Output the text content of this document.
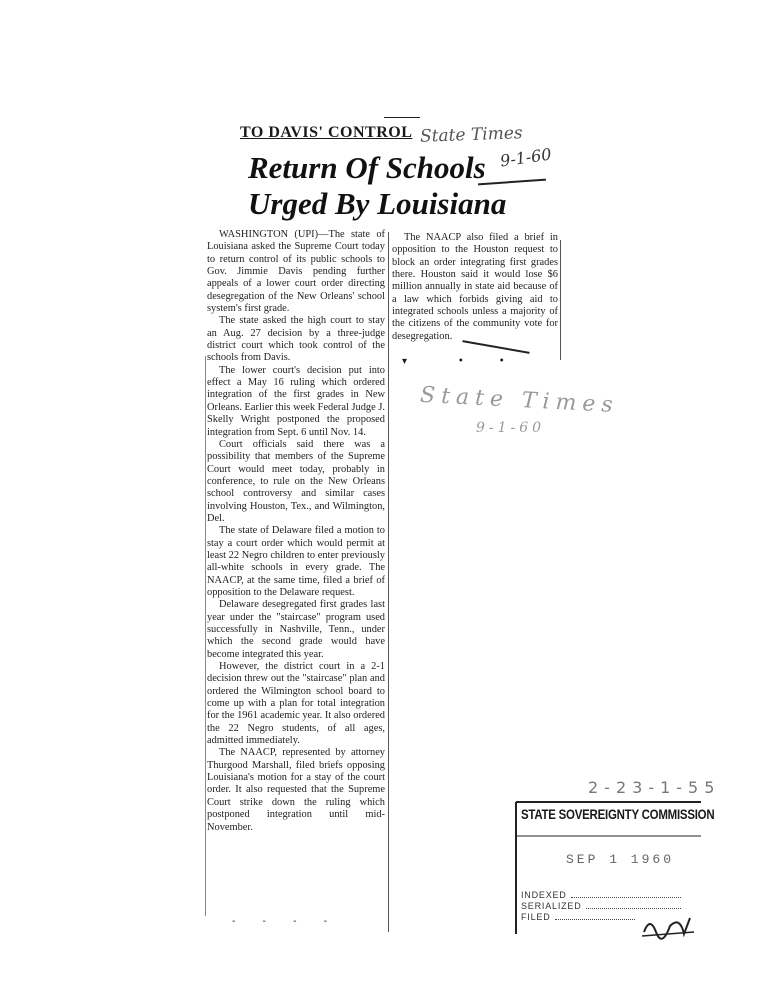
TO DAVIS' CONTROL State Times
9-1-60
Return Of Schools
Urged By Louisiana

WASHINGTON (UPI)—The state of Louisiana asked the Supreme Court today to return control of its public schools to Gov. Jimmie Davis pending further appeals of a lower court order directing desegregation of the New Orleans' school system's first grade.

The state asked the high court to stay an Aug. 27 decision by a three-judge district court which took control of the schools from Davis.

The lower court's decision put into effect a May 16 ruling which ordered integration of the first grades in New Orleans. Earlier this week Federal Judge J. Skelly Wright postponed the proposed integration from Sept. 6 until Nov. 14.

Court officials said there was a possibility that members of the Supreme Court would meet today, probably in conference, to rule on the New Orleans school controversy and similar cases involving Houston, Tex., and Wilmington, Del.

The state of Delaware filed a motion to stay a court order which would permit at least 22 Negro children to enter previously all-white schools in every grade. The NAACP, at the same time, filed a brief of opposition to the Delaware request.

Delaware desegregated first grades last year under the "staircase" program used successfully in Nashville, Tenn., under which the second grade would have become integrated this year.

However, the district court in a 2-1 decision threw out the "staircase" plan and ordered the Wilmington school board to come up with a plan for total integration for the 1961 academic year. It also ordered the 22 Negro students, of all ages, admitted immediately.

The NAACP, represented by attorney Thurgood Marshall, filed briefs opposing Louisiana's motion for a stay of the court order. It also requested that the Supreme Court strike down the ruling which postponed integration until mid-November.

The NAACP also filed a brief in opposition to the Houston request to block an order integrating first grades there. Houston said it would lose $6 million annually in state aid because of a law which forbids giving aid to integrated schools unless a majority of the citizens of the community vote for desegregation.

▾                •           •
State Times
9-1-60
- - - -
2-23-1-55
STATE SOVEREIGNTY COMMISSION
SEP 1 1960
INDEXED
SERIALIZED
FILED
